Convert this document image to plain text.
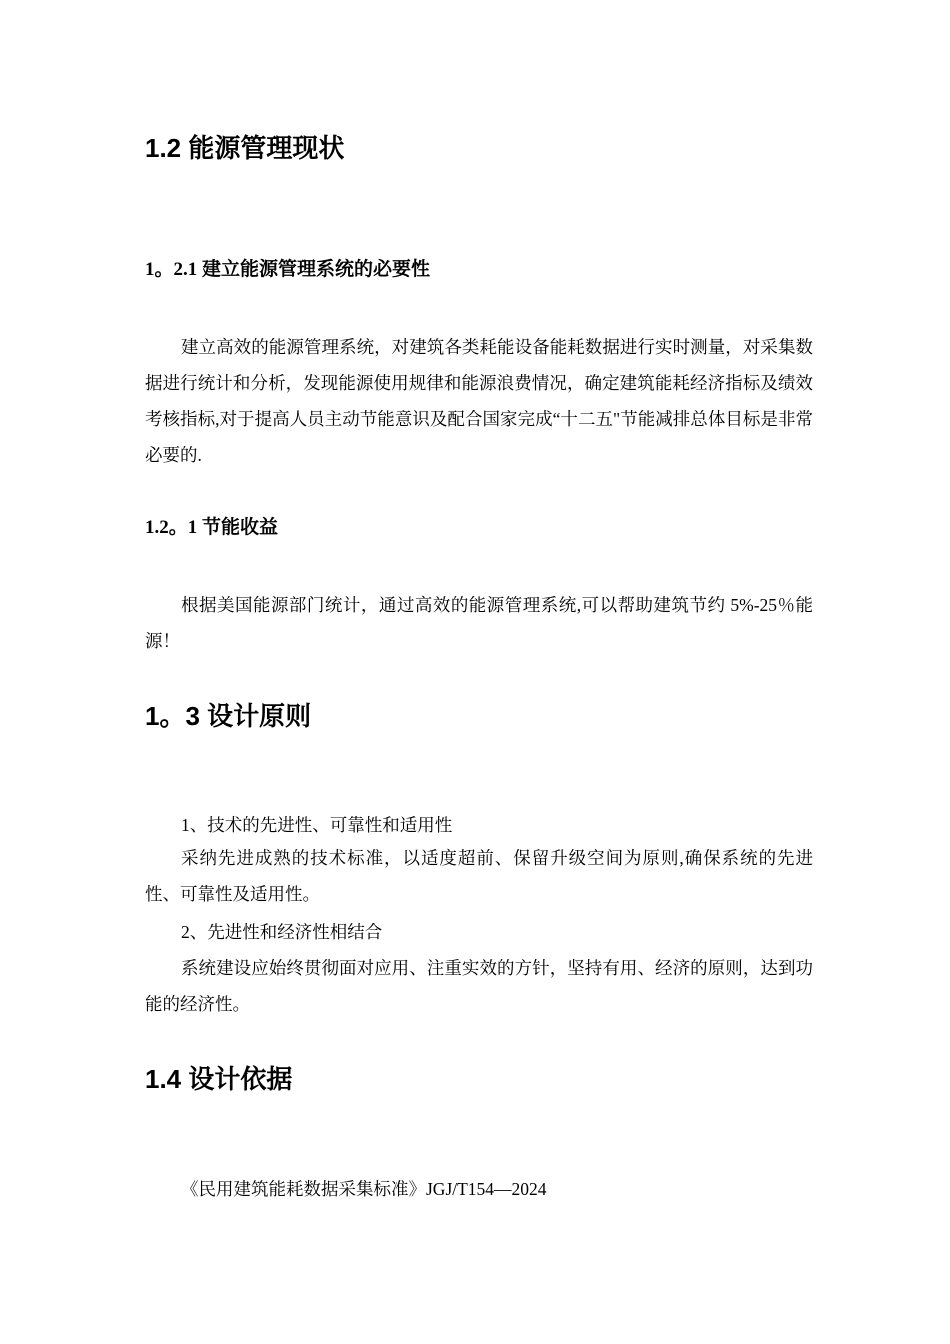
1.2 能源管理现状
1。2.1 建立能源管理系统的必要性

建立高效的能源管理系统，对建筑各类耗能设备能耗数据进行实时测量，对采集数据进行统计和分析，发现能源使用规律和能源浪费情况，确定建筑能耗经济指标及绩效考核指标,对于提高人员主动节能意识及配合国家完成“十二五"节能减排总体目标是非常必要的.

1.2。1 节能收益

根据美国能源部门统计，通过高效的能源管理系统,可以帮助建筑节约 5%-25％能源！

1。3 设计原则

1、技术的先进性、可靠性和适用性

采纳先进成熟的技术标准，以适度超前、保留升级空间为原则,确保系统的先进性、可靠性及适用性。

2、先进性和经济性相结合

系统建设应始终贯彻面对应用、注重实效的方针，坚持有用、经济的原则，达到功能的经济性。

1.4 设计依据

《民用建筑能耗数据采集标准》JGJ/T154—2024
